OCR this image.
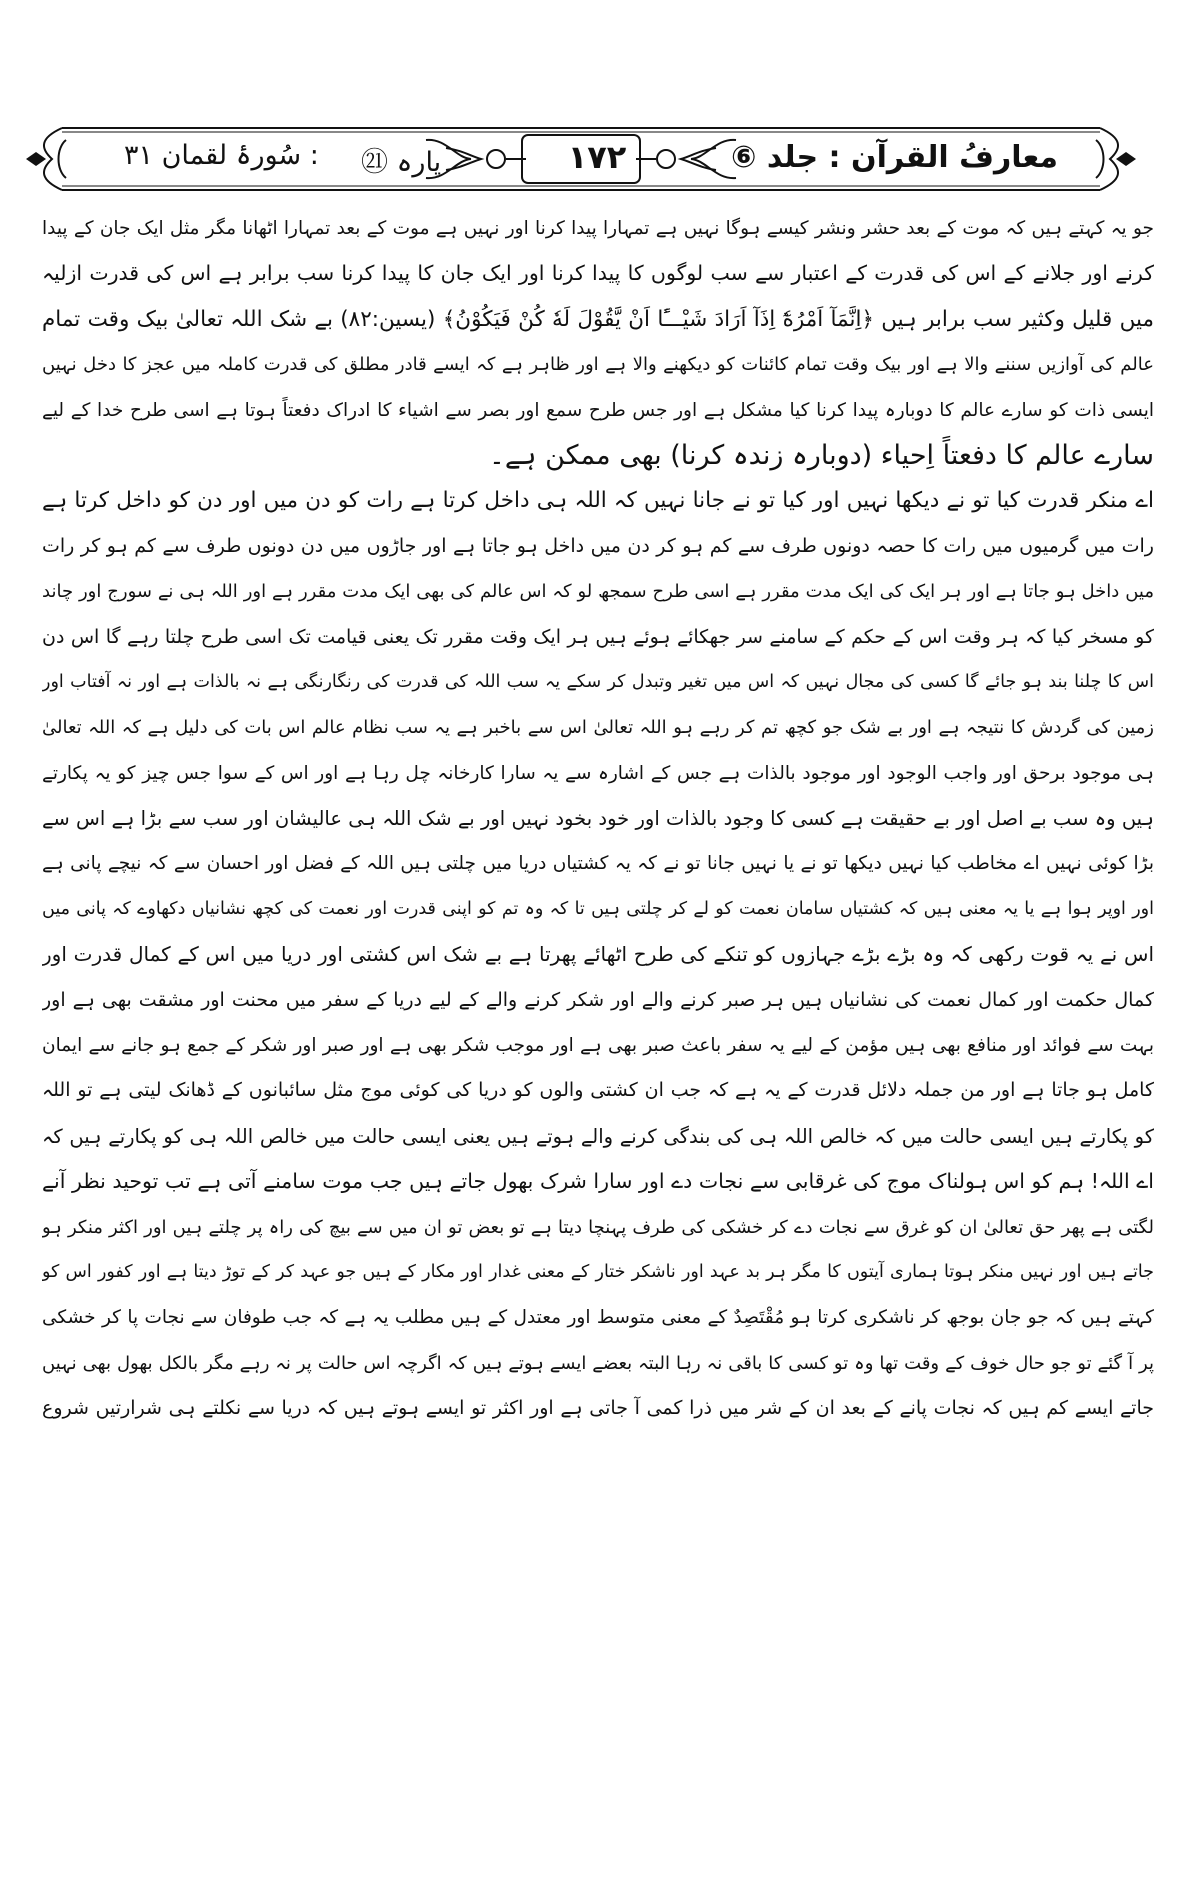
معارفُ القرآن : جلد ⑥
۱۷۲
پارہ ㉑
: سُورۂ لقمان ۳۱
جو یہ کہتے ہیں کہ موت کے بعد حشر ونشر کیسے ہوگا نہیں ہے تمہارا پیدا کرنا اور نہیں ہے موت کے بعد تمہارا اٹھانا مگر مثل ایک جان کے پیدا
کرنے اور جلانے کے اس کی قدرت کے اعتبار سے سب لوگوں کا پیدا کرنا اور ایک جان کا پیدا کرنا سب برابر ہے اس کی قدرت ازلیہ
میں قلیل وکثیر سب برابر ہیں ﴿اِنَّمَآ اَمْرُهٗٓ اِذَآ اَرَادَ شَيْـــًٔا اَنْ يَّقُوْلَ لَهٗ كُنْ فَيَكُوْنُ﴾ (یسین:۸۲) بے شک اللہ تعالیٰ بیک وقت تمام
عالم کی آوازیں سننے والا ہے اور بیک وقت تمام کائنات کو دیکھنے والا ہے اور ظاہر ہے کہ ایسے قادر مطلق کی قدرت کاملہ میں عجز کا دخل نہیں
ایسی ذات کو سارے عالم کا دوبارہ پیدا کرنا کیا مشکل ہے اور جس طرح سمع اور بصر سے اشیاء کا ادراک دفعتاً ہوتا ہے اسی طرح خدا کے لیے
سارے عالم کا دفعتاً اِحیاء (دوبارہ زندہ کرنا) بھی ممکن ہے۔
اے منکر قدرت کیا تو نے دیکھا نہیں اور کیا تو نے جانا نہیں کہ اللہ ہی داخل کرتا ہے رات کو دن میں اور دن کو داخل کرتا ہے
رات میں گرمیوں میں رات کا حصہ دونوں طرف سے کم ہو کر دن میں داخل ہو جاتا ہے اور جاڑوں میں دن دونوں طرف سے کم ہو کر رات
میں داخل ہو جاتا ہے اور ہر ایک کی ایک مدت مقرر ہے اسی طرح سمجھ لو کہ اس عالم کی بھی ایک مدت مقرر ہے اور اللہ ہی نے سورج اور چاند
کو مسخر کیا کہ ہر وقت اس کے حکم کے سامنے سر جھکائے ہوئے ہیں ہر ایک وقت مقرر تک یعنی قیامت تک اسی طرح چلتا رہے گا اس دن
اس کا چلنا بند ہو جائے گا کسی کی مجال نہیں کہ اس میں تغیر وتبدل کر سکے یہ سب اللہ کی قدرت کی رنگارنگی ہے نہ بالذات ہے اور نہ آفتاب اور
زمین کی گردش کا نتیجہ ہے اور بے شک جو کچھ تم کر رہے ہو اللہ تعالیٰ اس سے باخبر ہے یہ سب نظام عالم اس بات کی دلیل ہے کہ اللہ تعالیٰ
ہی موجود برحق اور واجب الوجود اور موجود بالذات ہے جس کے اشارہ سے یہ سارا کارخانہ چل رہا ہے اور اس کے سوا جس چیز کو یہ پکارتے
ہیں وہ سب بے اصل اور بے حقیقت ہے کسی کا وجود بالذات اور خود بخود نہیں اور بے شک اللہ ہی عالیشان اور سب سے بڑا ہے اس سے
بڑا کوئی نہیں اے مخاطب کیا نہیں دیکھا تو نے یا نہیں جانا تو نے کہ یہ کشتیاں دریا میں چلتی ہیں اللہ کے فضل اور احسان سے کہ نیچے پانی ہے
اور اوپر ہوا ہے یا یہ معنی ہیں کہ کشتیاں سامان نعمت کو لے کر چلتی ہیں تا کہ وہ تم کو اپنی قدرت اور نعمت کی کچھ نشانیاں دکھاوے کہ پانی میں
اس نے یہ قوت رکھی کہ وہ بڑے بڑے جہازوں کو تنکے کی طرح اٹھائے پھرتا ہے بے شک اس کشتی اور دریا میں اس کے کمال قدرت اور
کمال حکمت اور کمال نعمت کی نشانیاں ہیں ہر صبر کرنے والے اور شکر کرنے والے کے لیے دریا کے سفر میں محنت اور مشقت بھی ہے اور
بہت سے فوائد اور منافع بھی ہیں مؤمن کے لیے یہ سفر باعث صبر بھی ہے اور موجب شکر بھی ہے اور صبر اور شکر کے جمع ہو جانے سے ایمان
کامل ہو جاتا ہے اور من جملہ دلائل قدرت کے یہ ہے کہ جب ان کشتی والوں کو دریا کی کوئی موج مثل سائبانوں کے ڈھانک لیتی ہے تو اللہ
کو پکارتے ہیں ایسی حالت میں کہ خالص اللہ ہی کی بندگی کرنے والے ہوتے ہیں یعنی ایسی حالت میں خالص اللہ ہی کو پکارتے ہیں کہ
اے اللہ! ہم کو اس ہولناک موج کی غرقابی سے نجات دے اور سارا شرک بھول جاتے ہیں جب موت سامنے آتی ہے تب توحید نظر آنے
لگتی ہے پھر حق تعالیٰ ان کو غرق سے نجات دے کر خشکی کی طرف پہنچا دیتا ہے تو بعض تو ان میں سے بیچ کی راہ پر چلتے ہیں اور اکثر منکر ہو
جاتے ہیں اور نہیں منکر ہوتا ہماری آیتوں کا مگر ہر بد عہد اور ناشکر ختار کے معنی غدار اور مکار کے ہیں جو عہد کر کے توڑ دیتا ہے اور کفور اس کو
کہتے ہیں کہ جو جان بوجھ کر ناشکری کرتا ہو مُقْتَصِدٌ کے معنی متوسط اور معتدل کے ہیں مطلب یہ ہے کہ جب طوفان سے نجات پا کر خشکی
پر آ گئے تو جو حال خوف کے وقت تھا وہ تو کسی کا باقی نہ رہا البتہ بعضے ایسے ہوتے ہیں کہ اگرچہ اس حالت پر نہ رہے مگر بالکل بھول بھی نہیں
جاتے ایسے کم ہیں کہ نجات پانے کے بعد ان کے شر میں ذرا کمی آ جاتی ہے اور اکثر تو ایسے ہوتے ہیں کہ دریا سے نکلتے ہی شرارتیں شروع
